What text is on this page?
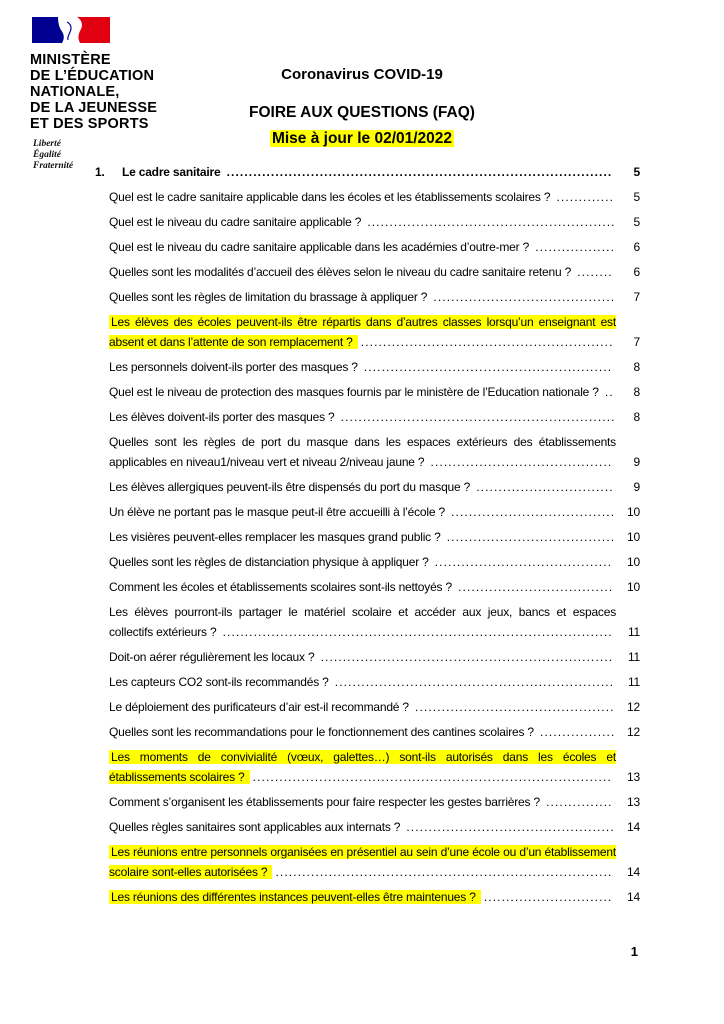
MINISTÈRE
DE L’ÉDUCATION
NATIONALE,
DE LA JEUNESSE
ET DES SPORTS
Liberté
Égalité
Fraternité
Coronavirus COVID-19
FOIRE AUX QUESTIONS (FAQ)
Mise à jour le 02/01/2022
1. Le cadre sanitaire ....................................................................................... 5
Quel est le cadre sanitaire applicable dans les écoles et les établissements scolaires ? ............. 5
Quel est le niveau du cadre sanitaire applicable ? ........................................................ 5
Quel est le niveau du cadre sanitaire applicable dans les académies d’outre-mer ? .................. 6
Quelles sont les modalités d’accueil des élèves selon le niveau du cadre sanitaire retenu ? ........ 6
Quelles sont les règles de limitation du brassage à appliquer ? ......................................... 7
Les élèves des écoles peuvent-ils être répartis dans d’autres classes lorsqu’un enseignant est absent et dans l’attente de son remplacement ? ......................................................... 7
Les personnels doivent-ils porter des masques ? ........................................................ 8
Quel est le niveau de protection des masques fournis par le ministère de l’Education nationale ? .. 8
Les élèves doivent-ils porter des masques ? .............................................................. 8
Quelles sont les règles de port du masque dans les espaces extérieurs des établissements applicables en niveau1/niveau vert et niveau 2/niveau jaune ? ......................................... 9
Les élèves allergiques peuvent-ils être dispensés du port du masque ? ............................... 9
Un élève ne portant pas le masque peut-il être accueilli à l’école ? ..................................... 10
Les visières peuvent-elles remplacer les masques grand public ? ...................................... 10
Quelles sont les règles de distanciation physique à appliquer ? ........................................ 10
Comment les écoles et établissements scolaires sont-ils nettoyés ? ................................... 10
Les élèves pourront-ils partager le matériel scolaire et accéder aux jeux, bancs et espaces collectifs extérieurs ? ........................................................................................ 11
Doit-on aérer régulièrement les locaux ? .................................................................. 11
Les capteurs CO2 sont-ils recommandés ? ............................................................... 11
Le déploiement des purificateurs d’air est-il recommandé ? ............................................. 12
Quelles sont les recommandations pour le fonctionnement des cantines scolaires ? ................. 12
Les moments de convivialité (vœux, galettes…) sont-ils autorisés dans les écoles et établissements scolaires ? ................................................................................. 13
Comment s’organisent les établissements pour faire respecter les gestes barrières ? ............... 13
Quelles règles sanitaires sont applicables aux internats ? ............................................... 14
Les réunions entre personnels organisées en présentiel au sein d’une école ou d’un établissement scolaire sont-elles autorisées ? ............................................................................ 14
Les réunions des différentes instances peuvent-elles être maintenues ? ............................. 14
1
